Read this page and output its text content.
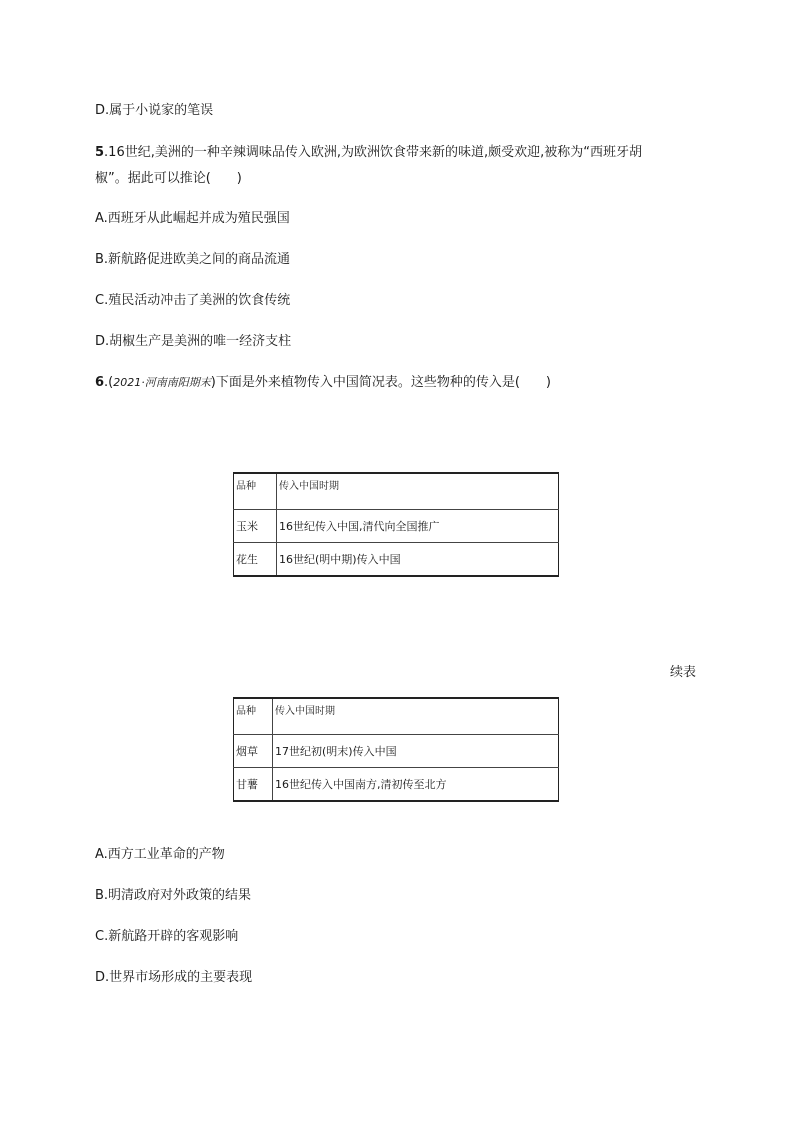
D.属于小说家的笔误
5.16世纪,美洲的一种辛辣调味品传入欧洲,为欧洲饮食带来新的味道,颇受欢迎,被称为“西班牙胡
椒”。据此可以推论(　　)
A.西班牙从此崛起并成为殖民强国
B.新航路促进欧美之间的商品流通
C.殖民活动冲击了美洲的饮食传统
D.胡椒生产是美洲的唯一经济支柱
6.(2021·河南南阳期末)下面是外来植物传入中国简况表。这些物种的传入是(　　)
品种	传入中国时期
玉米	16世纪传入中国,清代向全国推广
花生	16世纪(明中期)传入中国
续表
品种	传入中国时期
烟草	17世纪初(明末)传入中国
甘薯	16世纪传入中国南方,清初传至北方
A.西方工业革命的产物
B.明清政府对外政策的结果
C.新航路开辟的客观影响
D.世界市场形成的主要表现
